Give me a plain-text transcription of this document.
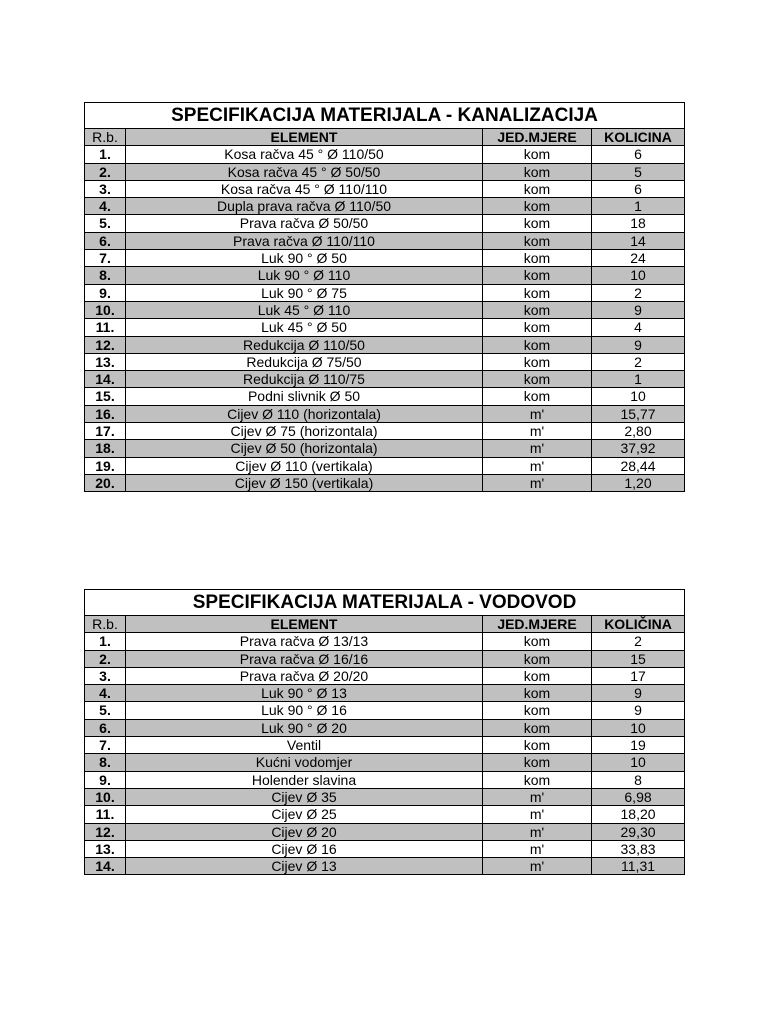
SPECIFIKACIJA MATERIJALA - KANALIZACIJA			
R.b.	ELEMENT	JED.MJERE	KOLICINA
1.	Kosa račva 45 ° Ø 110/50	kom	6
2.	Kosa račva 45 ° Ø 50/50	kom	5
3.	Kosa račva 45 ° Ø 110/110	kom	6
4.	Dupla prava račva Ø 110/50	kom	1
5.	Prava račva Ø 50/50	kom	18
6.	Prava račva Ø 110/110	kom	14
7.	Luk 90 ° Ø 50	kom	24
8.	Luk 90 ° Ø 110	kom	10
9.	Luk 90 ° Ø 75	kom	2
10.	Luk 45 ° Ø 110	kom	9
11.	Luk 45 ° Ø 50	kom	4
12.	Redukcija Ø 110/50	kom	9
13.	Redukcija Ø 75/50	kom	2
14.	Redukcija Ø 110/75	kom	1
15.	Podni slivnik Ø 50	kom	10
16.	Cijev Ø 110 (horizontala)	m'	15,77
17.	Cijev Ø 75 (horizontala)	m'	2,80
18.	Cijev Ø 50 (horizontala)	m'	37,92
19.	Cijev Ø 110 (vertikala)	m'	28,44
20.	Cijev Ø 150 (vertikala)	m'	1,20
SPECIFIKACIJA MATERIJALA - VODOVOD			
R.b.	ELEMENT	JED.MJERE	KOLIČINA
1.	Prava račva Ø 13/13	kom	2
2.	Prava račva Ø 16/16	kom	15
3.	Prava račva Ø 20/20	kom	17
4.	Luk 90 ° Ø 13	kom	9
5.	Luk 90 ° Ø 16	kom	9
6.	Luk 90 ° Ø 20	kom	10
7.	Ventil	kom	19
8.	Kućni vodomjer	kom	10
9.	Holender slavina	kom	8
10.	Cijev Ø 35	m'	6,98
11.	Cijev Ø 25	m'	18,20
12.	Cijev Ø 20	m'	29,30
13.	Cijev Ø 16	m'	33,83
14.	Cijev Ø 13	m'	11,31
